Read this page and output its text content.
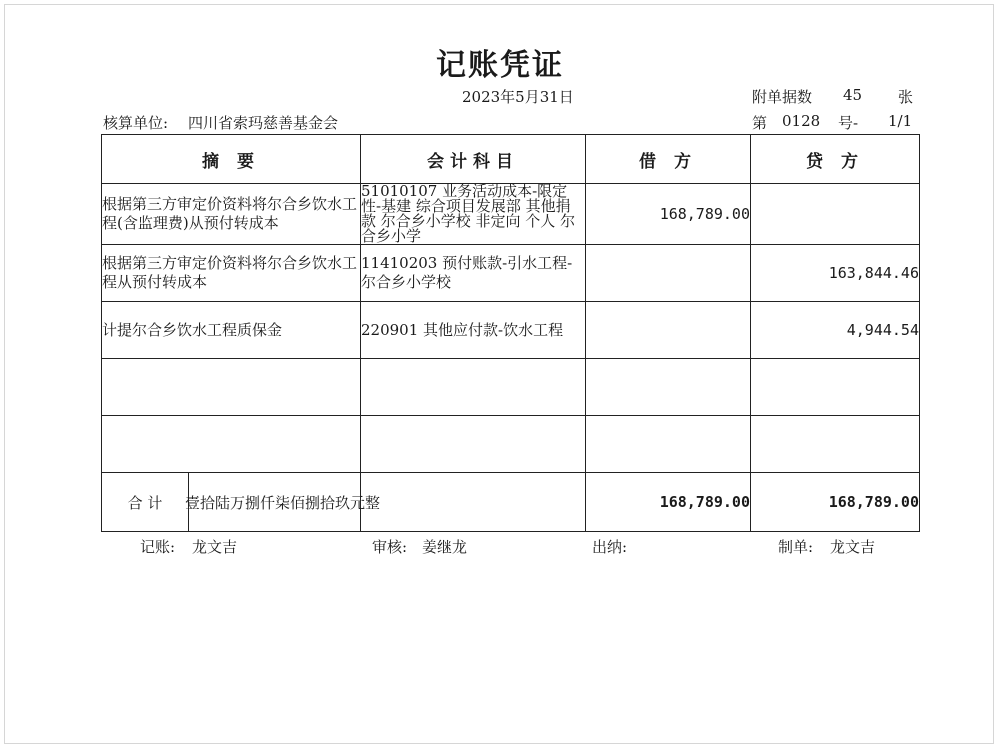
记账凭证
2023年5月31日	附单据数 45 张
核算单位: 四川省索玛慈善基金会	第 0128 号- 1/1
摘 要	会计科目	借 方	贷 方
根据第三方审定价资料将尔合乡饮水工程(含监理费)从预付转成本	51010107 业务活动成本-限定性-基建 综合项目发展部 其他捐款 尔合乡小学校 非定向 个人 尔合乡小学	168,789.00	
根据第三方审定价资料将尔合乡饮水工程从预付转成本	11410203 预付账款-引水工程-尔合乡小学校		163,844.46
计提尔合乡饮水工程质保金	220901 其他应付款-饮水工程		4,944.54

合 计	壹拾陆万捌仟柒佰捌拾玖元整	168,789.00	168,789.00
记账: 龙文吉	审核: 姜继龙	出纳:	制单: 龙文吉
